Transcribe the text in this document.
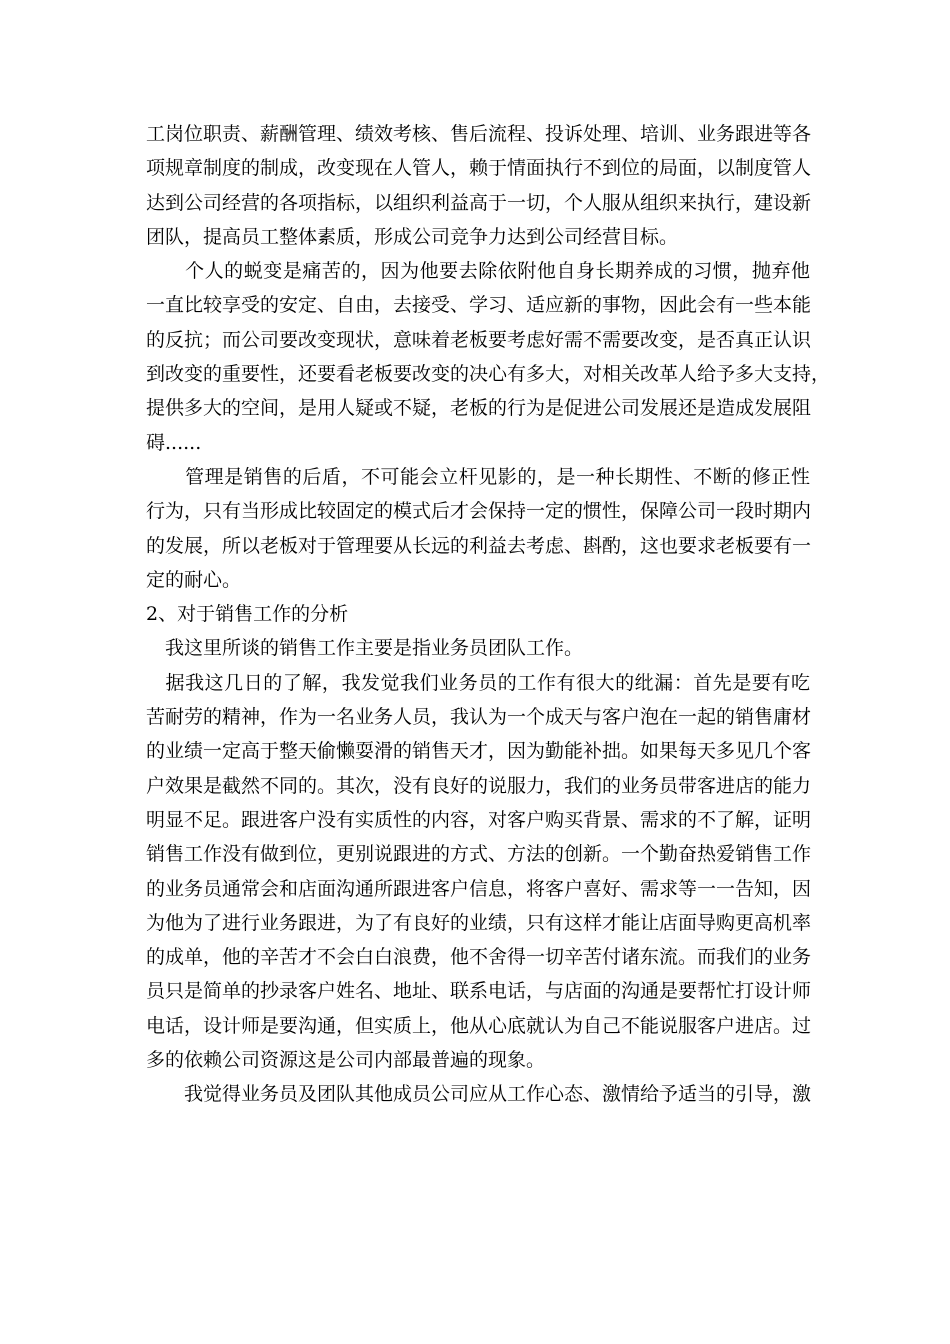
工岗位职责、薪酬管理、绩效考核、售后流程、投诉处理、培训、业务跟进等各
项规章制度的制成，改变现在人管人，赖于情面执行不到位的局面，以制度管人
达到公司经营的各项指标，以组织利益高于一切，个人服从组织来执行，建设新
团队，提高员工整体素质，形成公司竞争力达到公司经营目标。
　　个人的蜕变是痛苦的，因为他要去除依附他自身长期养成的习惯，抛弃他
一直比较享受的安定、自由，去接受、学习、适应新的事物，因此会有一些本能
的反抗；而公司要改变现状，意味着老板要考虑好需不需要改变，是否真正认识
到改变的重要性，还要看老板要改变的决心有多大，对相关改革人给予多大支持，
提供多大的空间，是用人疑或不疑，老板的行为是促进公司发展还是造成发展阻
碍......
　　管理是销售的后盾，不可能会立杆见影的，是一种长期性、不断的修正性
行为，只有当形成比较固定的模式后才会保持一定的惯性，保障公司一段时期内
的发展，所以老板对于管理要从长远的利益去考虑、斟酌，这也要求老板要有一
定的耐心。
2、对于销售工作的分析
　我这里所谈的销售工作主要是指业务员团队工作。
　据我这几日的了解，我发觉我们业务员的工作有很大的纰漏：首先是要有吃
苦耐劳的精神，作为一名业务人员，我认为一个成天与客户泡在一起的销售庸材
的业绩一定高于整天偷懒耍滑的销售天才，因为勤能补拙。如果每天多见几个客
户效果是截然不同的。其次，没有良好的说服力，我们的业务员带客进店的能力
明显不足。跟进客户没有实质性的内容，对客户购买背景、需求的不了解，证明
销售工作没有做到位，更别说跟进的方式、方法的创新。一个勤奋热爱销售工作
的业务员通常会和店面沟通所跟进客户信息，将客户喜好、需求等一一告知，因
为他为了进行业务跟进，为了有良好的业绩，只有这样才能让店面导购更高机率
的成单，他的辛苦才不会白白浪费，他不舍得一切辛苦付诸东流。而我们的业务
员只是简单的抄录客户姓名、地址、联系电话，与店面的沟通是要帮忙打设计师
电话，设计师是要沟通，但实质上，他从心底就认为自己不能说服客户进店。过
多的依赖公司资源这是公司内部最普遍的现象。
　　我觉得业务员及团队其他成员公司应从工作心态、激情给予适当的引导，激
